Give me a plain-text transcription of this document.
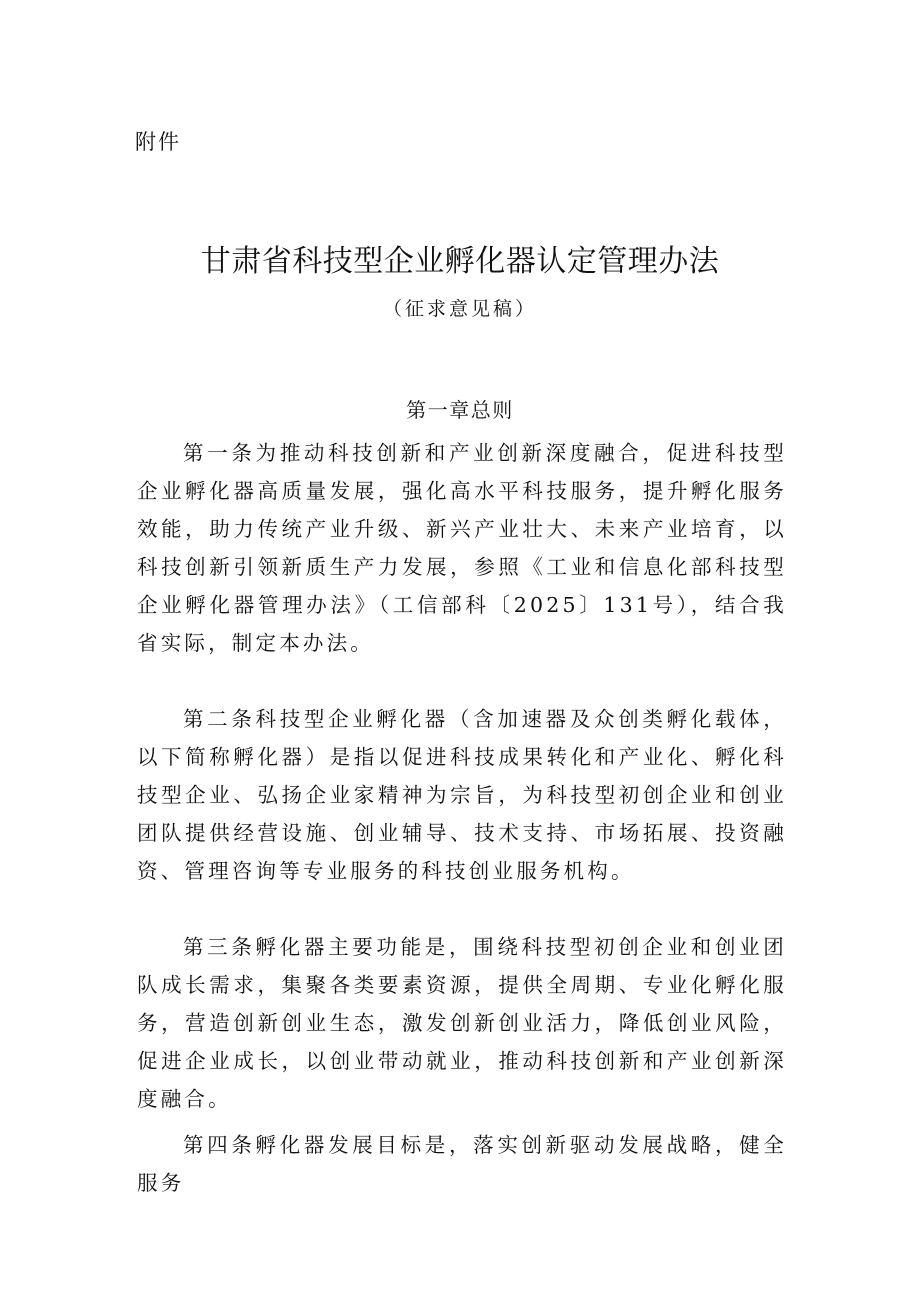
附件
甘肃省科技型企业孵化器认定管理办法
（征求意见稿）
第一章总则

第一条为推动科技创新和产业创新深度融合，促进科技型企业孵化器高质量发展，强化高水平科技服务，提升孵化服务效能，助力传统产业升级、新兴产业壮大、未来产业培育，以科技创新引领新质生产力发展，参照《工业和信息化部科技型企业孵化器管理办法》（工信部科〔2025〕131号），结合我省实际，制定本办法。

第二条科技型企业孵化器（含加速器及众创类孵化载体，以下简称孵化器）是指以促进科技成果转化和产业化、孵化科技型企业、弘扬企业家精神为宗旨，为科技型初创企业和创业团队提供经营设施、创业辅导、技术支持、市场拓展、投资融资、管理咨询等专业服务的科技创业服务机构。

第三条孵化器主要功能是，围绕科技型初创企业和创业团队成长需求，集聚各类要素资源，提供全周期、专业化孵化服务，营造创新创业生态，激发创新创业活力，降低创业风险，促进企业成长，以创业带动就业，推动科技创新和产业创新深度融合。

第四条孵化器发展目标是，落实创新驱动发展战略，健全服务
